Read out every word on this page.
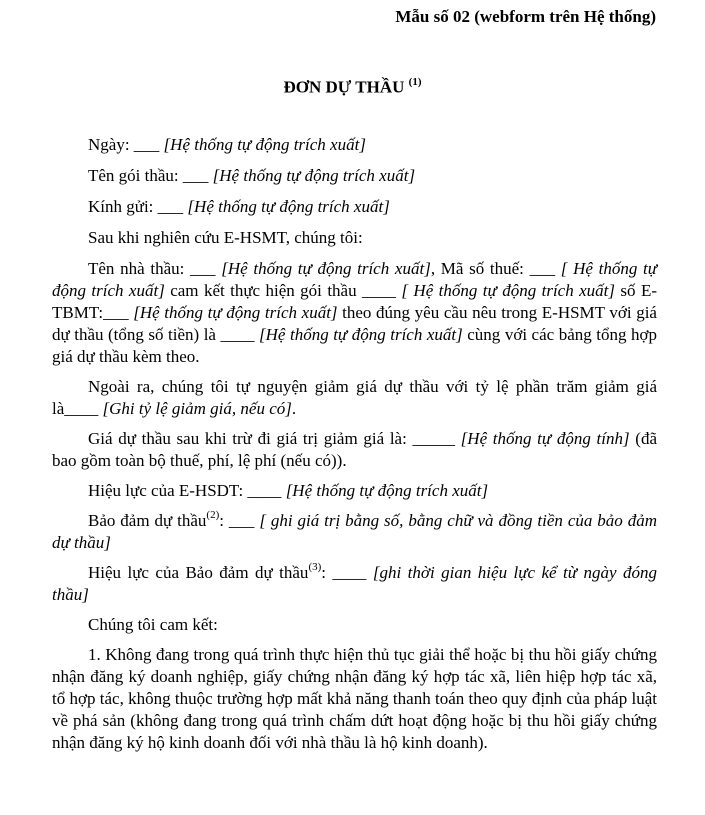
Mẫu số 02 (webform trên Hệ thống)
ĐƠN DỰ THẦU $^{(1)}$

Ngày: ___ [Hệ thống tự động trích xuất]

Tên gói thầu: ___ [Hệ thống tự động trích xuất]

Kính gửi: ___ [Hệ thống tự động trích xuất]

Sau khi nghiên cứu E-HSMT, chúng tôi:

Tên nhà thầu: ___ [Hệ thống tự động trích xuất], Mã số thuế: ___ [ Hệ thống tự động trích xuất] cam kết thực hiện gói thầu ____ [ Hệ thống tự động trích xuất] số E-TBMT:___ [Hệ thống tự động trích xuất] theo đúng yêu cầu nêu trong E-HSMT với giá dự thầu (tổng số tiền) là ____ [Hệ thống tự động trích xuất] cùng với các bảng tổng hợp giá dự thầu kèm theo.

Ngoài ra, chúng tôi tự nguyện giảm giá dự thầu với tỷ lệ phần trăm giảm giá là____ [Ghi tỷ lệ giảm giá, nếu có].

Giá dự thầu sau khi trừ đi giá trị giảm giá là: _____ [Hệ thống tự động tính] (đã bao gồm toàn bộ thuế, phí, lệ phí (nếu có)).

Hiệu lực của E-HSDT: ____ [Hệ thống tự động trích xuất]

Bảo đảm dự thầu$^{(2)}$: ___ [ ghi giá trị bằng số, bằng chữ và đồng tiền của bảo đảm dự thầu]

Hiệu lực của Bảo đảm dự thầu$^{(3)}$: ____ [ghi thời gian hiệu lực kể từ ngày đóng thầu]

Chúng tôi cam kết:

1. Không đang trong quá trình thực hiện thủ tục giải thể hoặc bị thu hồi giấy chứng nhận đăng ký doanh nghiệp, giấy chứng nhận đăng ký hợp tác xã, liên hiệp hợp tác xã, tổ hợp tác, không thuộc trường hợp mất khả năng thanh toán theo quy định của pháp luật về phá sản (không đang trong quá trình chấm dứt hoạt động hoặc bị thu hồi giấy chứng nhận đăng ký hộ kinh doanh đối với nhà thầu là hộ kinh doanh).
